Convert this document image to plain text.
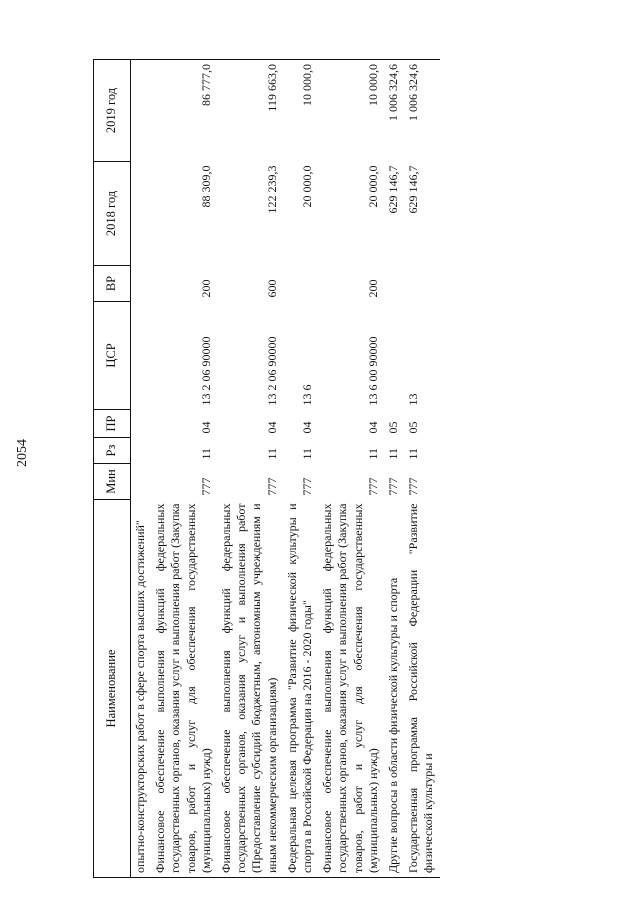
2054
Наименование	Мин	Рз	ПР	ЦСР	ВР	2018 год	2019 год
опытно-конструкторских работ в сфере спорта высших достижений"							
Финансовое обеспечение выполнения функций федеральных государственных органов, оказания услуг и выполнения работ (Закупка товаров, работ и услуг для обеспечения государственных (муниципальных) нужд)	777	11	04	13 2 06 90000	200	88 309,0	86 777,0
Финансовое обеспечение выполнения функций федеральных государственных органов, оказания услуг и выполнения работ (Предоставление субсидий бюджетным, автономным учреждениям и иным некоммерческим организациям)	777	11	04	13 2 06 90000	600	122 239,3	119 663,0
Федеральная целевая программа "Развитие физической культуры и спорта в Российской Федерации на 2016 - 2020 годы"	777	11	04	13 6		20 000,0	10 000,0
Финансовое обеспечение выполнения функций федеральных государственных органов, оказания услуг и выполнения работ (Закупка товаров, работ и услуг для обеспечения государственных (муниципальных) нужд)	777	11	04	13 6 00 90000	200	20 000,0	10 000,0
Другие вопросы в области физической культуры и спорта	777	11	05			629 146,7	1 006 324,6
Государственная программа Российской Федерации "Развитие физической культуры и	777	11	05	13		629 146,7	1 006 324,6
